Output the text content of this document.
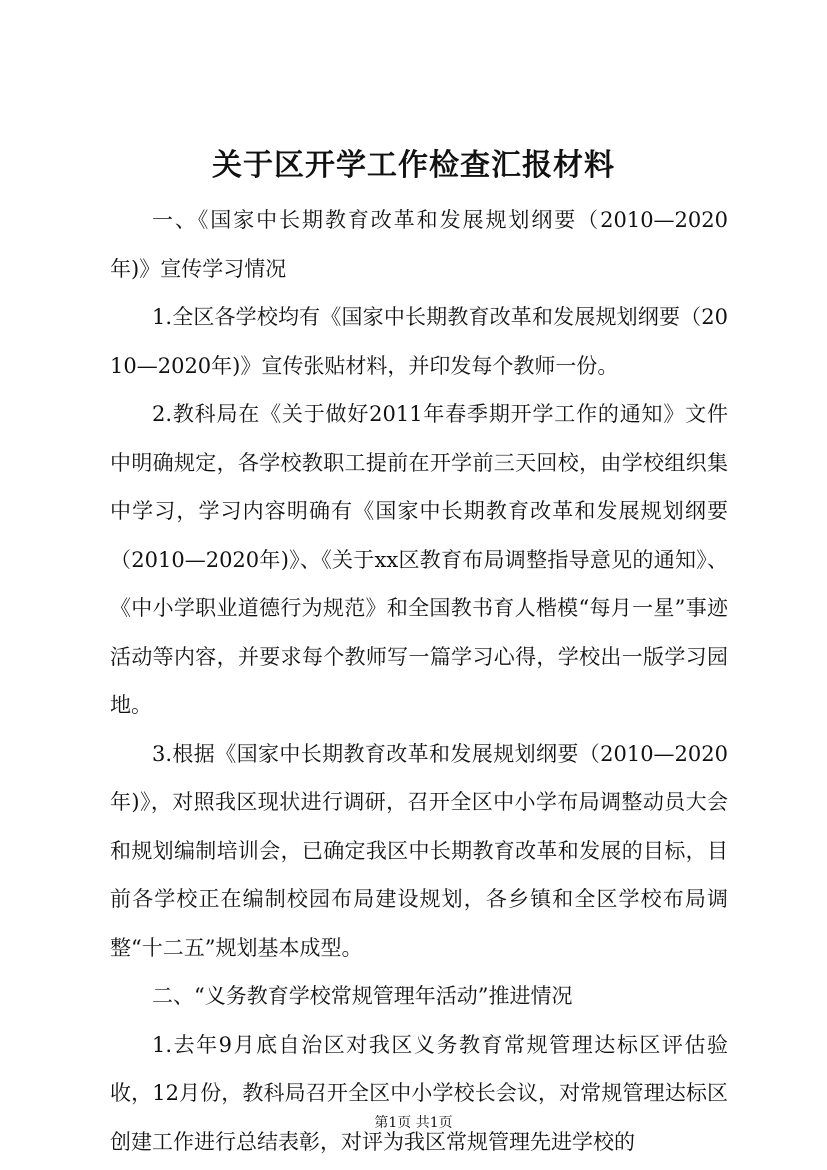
关于区开学工作检查汇报材料

一、《国家中长期教育改革和发展规划纲要（2010—2020年)》宣传学习情况

1.全区各学校均有《国家中长期教育改革和发展规划纲要（2010—2020年)》宣传张贴材料，并印发每个教师一份。

2.教科局在《关于做好2011年春季期开学工作的通知》文件中明确规定，各学校教职工提前在开学前三天回校，由学校组织集中学习，学习内容明确有《国家中长期教育改革和发展规划纲要（2010—2020年)》、《关于xx区教育布局调整指导意见的通知》、《中小学职业道德行为规范》和全国教书育人楷模“每月一星”事迹活动等内容，并要求每个教师写一篇学习心得，学校出一版学习园地。

3.根据《国家中长期教育改革和发展规划纲要（2010—2020年)》，对照我区现状进行调研，召开全区中小学布局调整动员大会和规划编制培训会，已确定我区中长期教育改革和发展的目标，目前各学校正在编制校园布局建设规划，各乡镇和全区学校布局调整“十二五”规划基本成型。

二、“义务教育学校常规管理年活动”推进情况

1.去年9月底自治区对我区义务教育常规管理达标区评估验收，12月份，教科局召开全区中小学校长会议，对常规管理达标区创建工作进行总结表彰，对评为我区常规管理先进学校的

第1页 共1页
